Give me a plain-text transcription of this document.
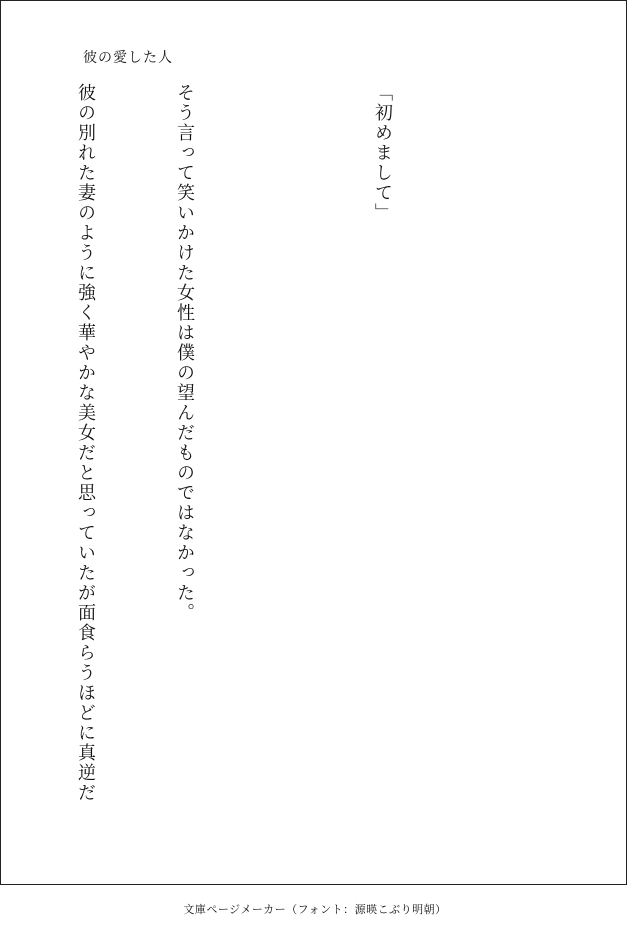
彼の愛した人

「初めまして」

そう言って笑いかけた女性は僕の望んだものではなかった。

彼の別れた妻のように強く華やかな美女だと思っていたが面食らうほどに真逆だ

文庫ページメーカー（フォント：源暎こぶり明朝）
